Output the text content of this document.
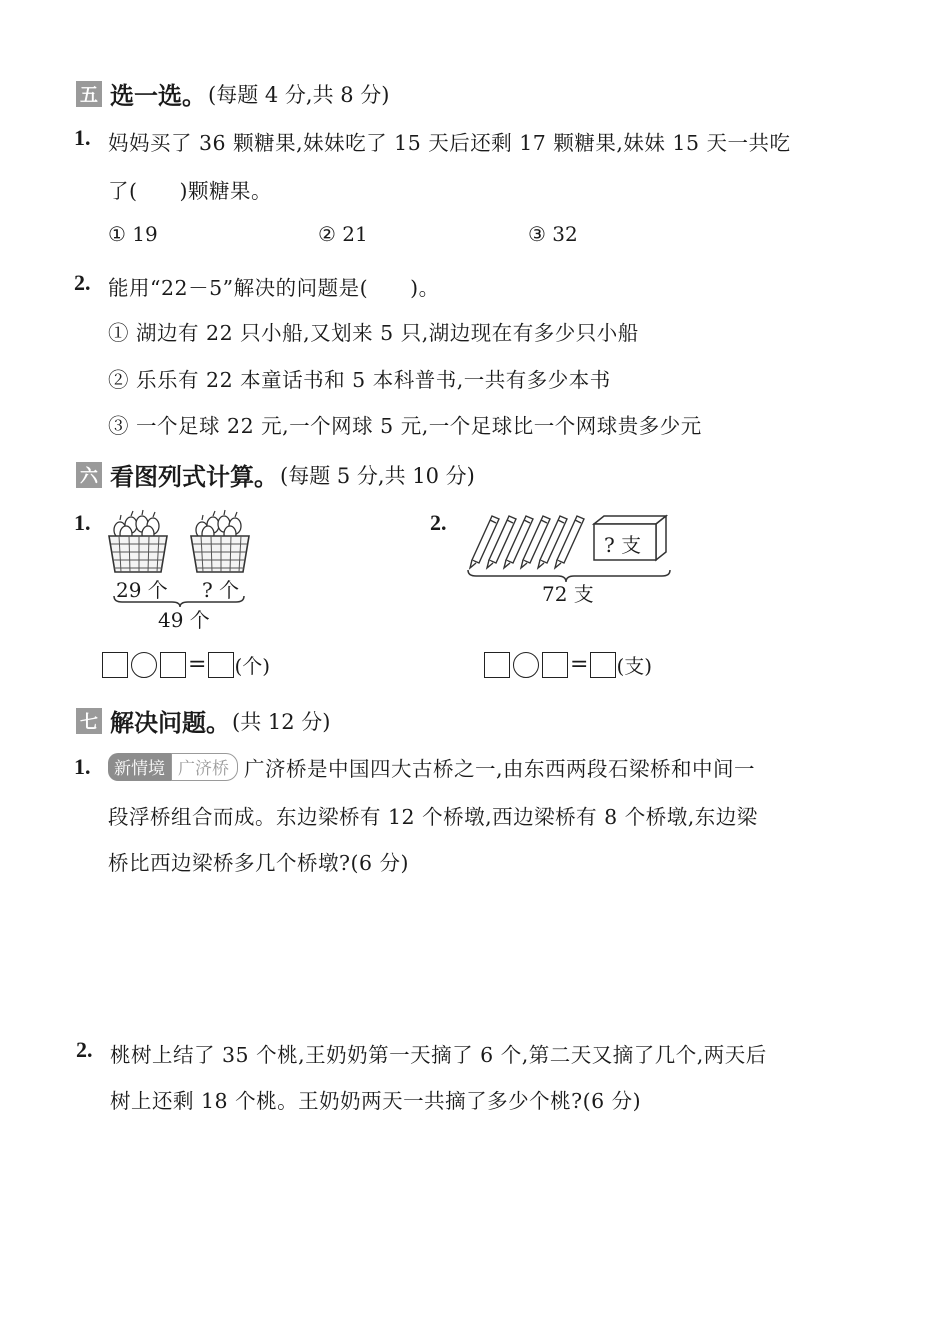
五 选一选。 (每题 4 分,共 8 分)
1. 妈妈买了 36 颗糖果,妹妹吃了 15 天后还剩 17 颗糖果,妹妹 15 天一共吃
了(　　)颗糖果。
① 19	② 21	③ 32
2. 能用“22－5”解决的问题是(　　)。
① 湖边有 22 只小船,又划来 5 只,湖边现在有多少只小船
② 乐乐有 22 本童话书和 5 本科普书,一共有多少本书
③ 一个足球 22 元,一个网球 5 元,一个足球比一个网球贵多少元
六 看图列式计算。 (每题 5 分,共 10 分)
1.
29 个 ? 个
49 个
= (个)
2.
? 支
72 支
= (支)
七 解决问题。 (共 12 分)
1.	新情境 广济桥 广济桥是中国四大古桥之一,由东西两段石梁桥和中间一
段浮桥组合而成。东边梁桥有 12 个桥墩,西边梁桥有 8 个桥墩,东边梁
桥比西边梁桥多几个桥墩?(6 分)
2. 桃树上结了 35 个桃,王奶奶第一天摘了 6 个,第二天又摘了几个,两天后
树上还剩 18 个桃。王奶奶两天一共摘了多少个桃?(6 分)
